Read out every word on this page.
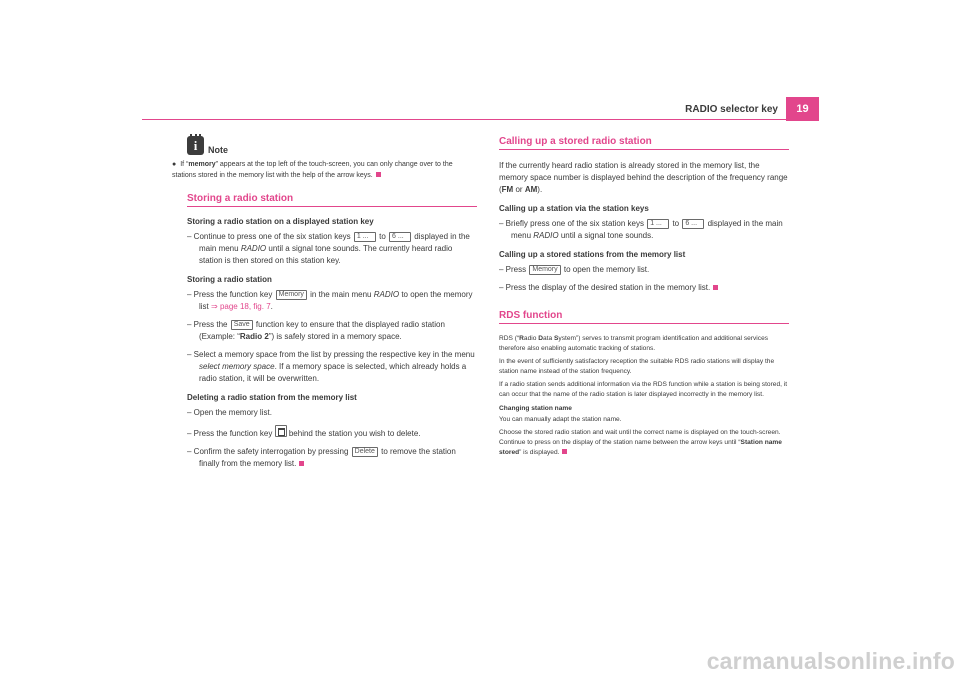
RADIO selector key	19
i Note
● If “memory” appears at the top left of the touch-screen, you can only change over to the stations stored in the memory list with the help of the arrow keys.
Storing a radio station
Storing a radio station on a displayed station key
– Continue to press one of the six station keys 1 ... to 6 ... displayed in the main menu RADIO until a signal tone sounds. The currently heard radio station is then stored on this station key.
Storing a radio station
– Press the function key Memory in the main menu RADIO to open the memory list ⇒ page 18, fig. 7.
– Press the Save function key to ensure that the displayed radio station (Example: “Radio 2”) is safely stored in a memory space.
– Select a memory space from the list by pressing the respective key in the menu select memory space. If a memory space is selected, which already holds a radio station, it will be overwritten.
Deleting a radio station from the memory list
– Open the memory list.
– Press the function key behind the station you wish to delete.
– Confirm the safety interrogation by pressing Delete to remove the station finally from the memory list.
Calling up a stored radio station
If the currently heard radio station is already stored in the memory list, the memory space number is displayed behind the description of the frequency range (FM or AM).
Calling up a station via the station keys
– Briefly press one of the six station keys 1 ... to 6 ... displayed in the main menu RADIO until a signal tone sounds.
Calling up a stored stations from the memory list
– Press Memory to open the memory list.
– Press the display of the desired station in the memory list.
RDS function
RDS (“Radio Data System”) serves to transmit program identification and additional services therefore also enabling automatic tracking of stations.
In the event of sufficiently satisfactory reception the suitable RDS radio stations will display the station name instead of the station frequency.
If a radio station sends additional information via the RDS function while a station is being stored, it can occur that the name of the radio station is later displayed incorrectly in the memory list.
Changing station name
You can manually adapt the station name.
Choose the stored radio station and wait until the correct name is displayed on the touch-screen. Continue to press on the display of the station name between the arrow keys until “Station name stored” is displayed.
carmanualsonline.info
